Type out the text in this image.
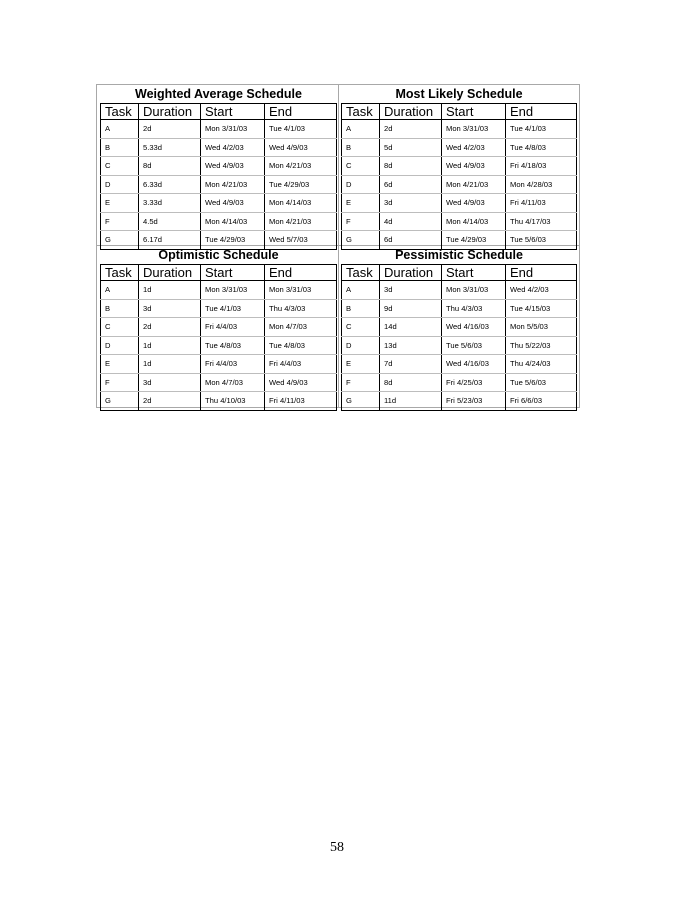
Weighted Average Schedule
Task	Duration	Start	End
A	2d	Mon 3/31/03	Tue 4/1/03
B	5.33d	Wed 4/2/03	Wed 4/9/03
C	8d	Wed 4/9/03	Mon 4/21/03
D	6.33d	Mon 4/21/03	Tue 4/29/03
E	3.33d	Wed 4/9/03	Mon 4/14/03
F	4.5d	Mon 4/14/03	Mon 4/21/03
G	6.17d	Tue 4/29/03	Wed 5/7/03
Most Likely Schedule
Task	Duration	Start	End
A	2d	Mon 3/31/03	Tue 4/1/03
B	5d	Wed 4/2/03	Tue 4/8/03
C	8d	Wed 4/9/03	Fri 4/18/03
D	6d	Mon 4/21/03	Mon 4/28/03
E	3d	Wed 4/9/03	Fri 4/11/03
F	4d	Mon 4/14/03	Thu 4/17/03
G	6d	Tue 4/29/03	Tue 5/6/03
Optimistic Schedule
Task	Duration	Start	End
A	1d	Mon 3/31/03	Mon 3/31/03
B	3d	Tue 4/1/03	Thu 4/3/03
C	2d	Fri 4/4/03	Mon 4/7/03
D	1d	Tue 4/8/03	Tue 4/8/03
E	1d	Fri 4/4/03	Fri 4/4/03
F	3d	Mon 4/7/03	Wed 4/9/03
G	2d	Thu 4/10/03	Fri 4/11/03
Pessimistic Schedule
Task	Duration	Start	End
A	3d	Mon 3/31/03	Wed 4/2/03
B	9d	Thu 4/3/03	Tue 4/15/03
C	14d	Wed 4/16/03	Mon 5/5/03
D	13d	Tue 5/6/03	Thu 5/22/03
E	7d	Wed 4/16/03	Thu 4/24/03
F	8d	Fri 4/25/03	Tue 5/6/03
G	11d	Fri 5/23/03	Fri 6/6/03
58
